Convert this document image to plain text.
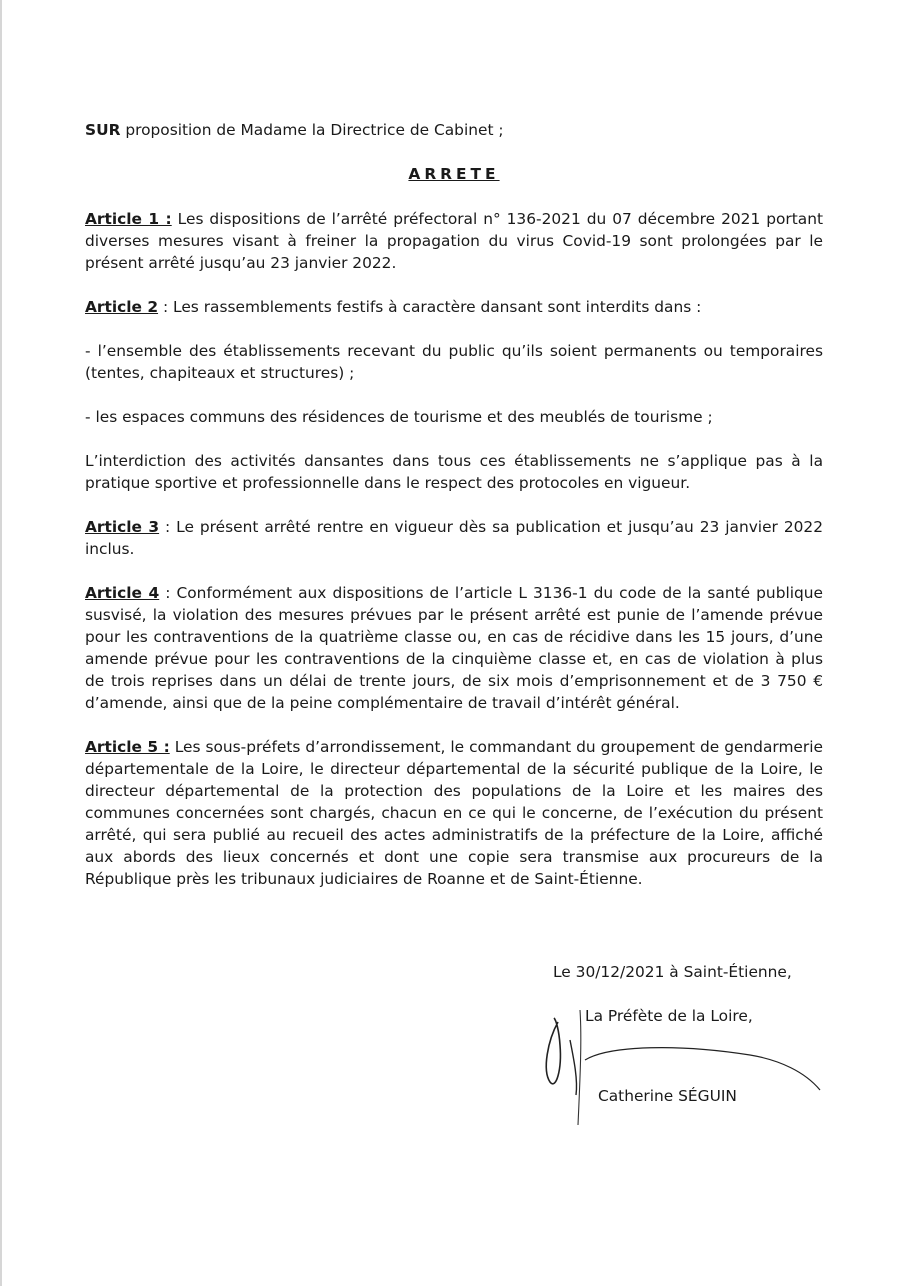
SUR proposition de Madame la Directrice de Cabinet ;

ARRETE

Article 1 : Les dispositions de l’arrêté préfectoral n° 136-2021 du 07 décembre 2021 portant diverses mesures visant à freiner la propagation du virus Covid-19 sont prolongées par le présent arrêté jusqu’au 23 janvier 2022.

Article 2 : Les rassemblements festifs à caractère dansant sont interdits dans :

- l’ensemble des établissements recevant du public qu’ils soient permanents ou temporaires (tentes, chapiteaux et structures) ;

- les espaces communs des résidences de tourisme et des meublés de tourisme ;

L’interdiction des activités dansantes dans tous ces établissements ne s’applique pas à la pratique sportive et professionnelle dans le respect des protocoles en vigueur.

Article 3 : Le présent arrêté rentre en vigueur dès sa publication et jusqu’au 23 janvier 2022 inclus.

Article 4 : Conformément aux dispositions de l’article L 3136-1 du code de la santé publique susvisé, la violation des mesures prévues par le présent arrêté est punie de l’amende prévue pour les contraventions de la quatrième classe ou, en cas de récidive dans les 15 jours, d’une amende prévue pour les contraventions de la cinquième classe et, en cas de violation à plus de trois reprises dans un délai de trente jours, de six mois d’emprisonnement et de 3 750 € d’amende, ainsi que de la peine complémentaire de travail d’intérêt général.

Article 5 : Les sous-préfets d’arrondissement, le commandant du groupement de gendarmerie départementale de la Loire, le directeur départemental de la sécurité publique de la Loire, le directeur départemental de la protection des populations de la Loire et les maires des communes concernées sont chargés, chacun en ce qui le concerne, de l’exécution du présent arrêté, qui sera publié au recueil des actes administratifs de la préfecture de la Loire, affiché aux abords des lieux concernés et dont une copie sera transmise aux procureurs de la République près les tribunaux judiciaires de Roanne et de Saint-Étienne.

Le 30/12/2021 à Saint-Étienne,
La Préfète de la Loire,
Catherine SÉGUIN
